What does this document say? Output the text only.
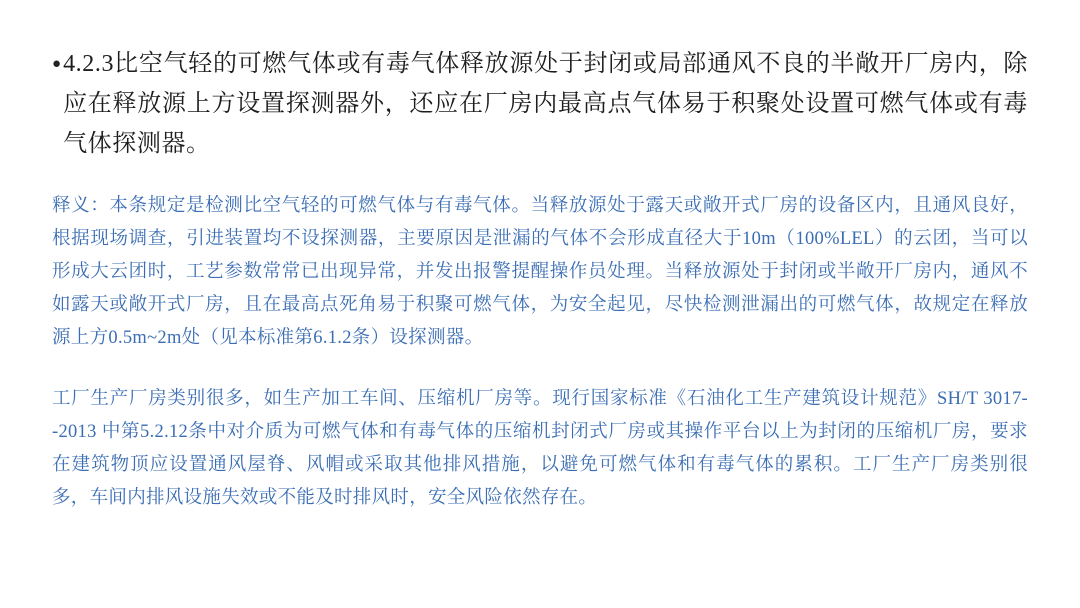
● 4.2.3比空气轻的可燃气体或有毒气体释放源处于封闭或局部通风不良的半敞开厂房内，除应在释放源上方设置探测器外，还应在厂房内最高点气体易于积聚处设置可燃气体或有毒气体探测器。

释义：本条规定是检测比空气轻的可燃气体与有毒气体。当释放源处于露天或敞开式厂房的设备区内，且通风良好，根据现场调查，引进装置均不设探测器，主要原因是泄漏的气体不会形成直径大于10m（100%LEL）的云团，当可以形成大云团时，工艺参数常常已出现异常，并发出报警提醒操作员处理。当释放源处于封闭或半敞开厂房内，通风不如露天或敞开式厂房，且在最高点死角易于积聚可燃气体，为安全起见，尽快检测泄漏出的可燃气体，故规定在释放源上方0.5m~2m处（见本标准第6.1.2条）设探测器。

工厂生产厂房类别很多，如生产加工车间、压缩机厂房等。现行国家标准《石油化工生产建筑设计规范》SH/T 3017--2013 中第5.2.12条中对介质为可燃气体和有毒气体的压缩机封闭式厂房或其操作平台以上为封闭的压缩机厂房，要求在建筑物顶应设置通风屋脊、风帽或采取其他排风措施，以避免可燃气体和有毒气体的累积。工厂生产厂房类别很多，车间内排风设施失效或不能及时排风时，安全风险依然存在。
